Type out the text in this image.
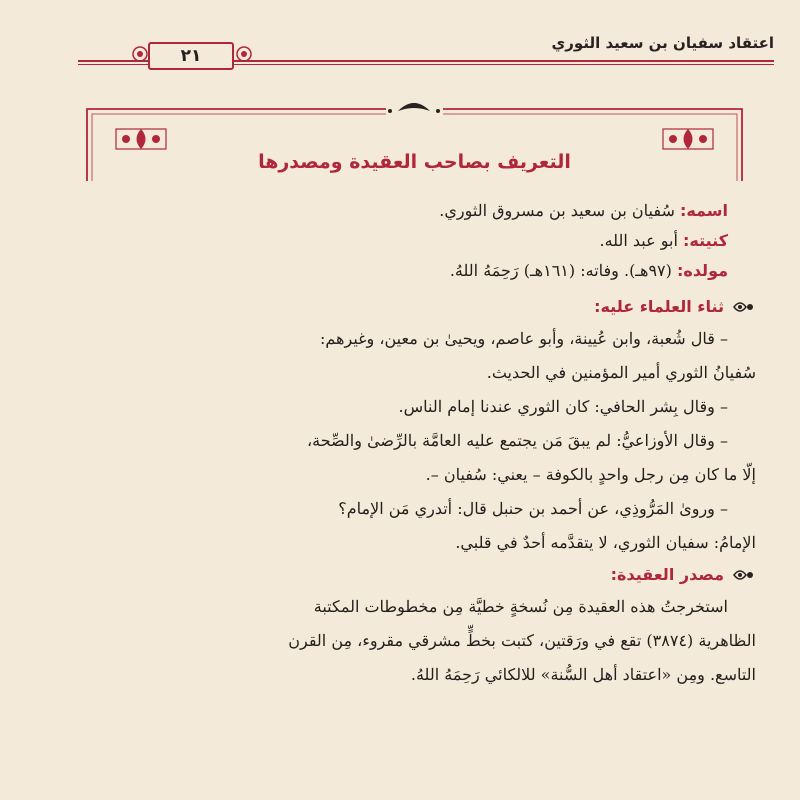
اعتقاد سفيان بن سعيد الثوري
٢١
التعريف بصاحب العقيدة ومصدرها
اسمه: سُفيان بن سعيد بن مسروق الثوري.
كنيته: أبو عبد الله.
مولده: (٩٧هـ). وفاته: (١٦١هـ) رَحِمَهُ اللهُ.
ثناء العلماء عليه:
– قال شُعبة، وابن عُيينة، وأبو عاصم، ويحيىٰ بن معين، وغيرهم:
سُفيانُ الثوري أمير المؤمنين في الحديث.
– وقال بِشر الحافي: كان الثوري عندنا إمام الناس.
– وقال الأوزاعيُّ: لم يبقَ مَن يجتمع عليه العامَّة بالرِّضىٰ والصِّحة،
إلّا ما كان مِن رجل واحدٍ بالكوفة – يعني: سُفيان –.
– ورویٰ المَرُّوذِي، عن أحمد بن حنبل قال: أتدري مَن الإمام؟
الإمامُ: سفيان الثوري، لا يتقدَّمه أحدٌ في قلبي.
مصدر العقيدة:
استخرجتُ هذه العقيدة مِن نُسخةٍ خطيَّة مِن مخطوطات المكتبة
الظاهرية (٣٨٧٤) تقع في ورَقتين، كتبت بخطٍّ مشرقي مقروء، مِن القرن
التاسع. ومِن «اعتقاد أهل السُّنة» للالكائي رَحِمَهُ اللهُ.
